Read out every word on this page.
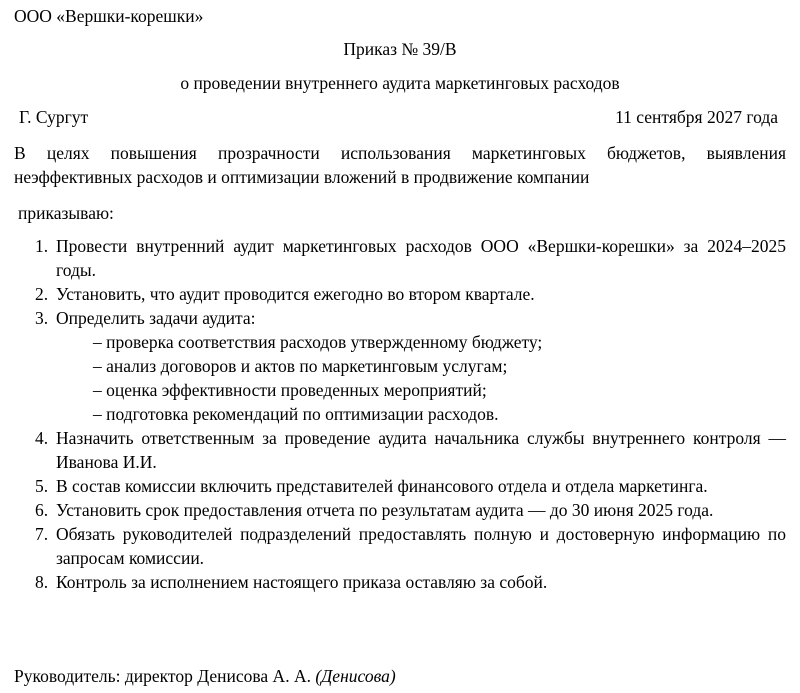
ООО «Вершки-корешки»
Приказ № 39/В
о проведении внутреннего аудита маркетинговых расходов
Г. Сургут	11 сентября 2027 года
В целях повышения прозрачности использования маркетинговых бюджетов, выявления неэффективных расходов и оптимизации вложений в продвижение компании
приказываю:
1. Провести внутренний аудит маркетинговых расходов ООО «Вершки-корешки» за 2024–2025 годы.
2. Установить, что аудит проводится ежегодно во втором квартале.
3. Определить задачи аудита:
– проверка соответствия расходов утвержденному бюджету;
– анализ договоров и актов по маркетинговым услугам;
– оценка эффективности проведенных мероприятий;
– подготовка рекомендаций по оптимизации расходов.
4. Назначить ответственным за проведение аудита начальника службы внутреннего контроля — Иванова И.И.
5. В состав комиссии включить представителей финансового отдела и отдела маркетинга.
6. Установить срок предоставления отчета по результатам аудита — до 30 июня 2025 года.
7. Обязать руководителей подразделений предоставлять полную и достоверную информацию по запросам комиссии.
8. Контроль за исполнением настоящего приказа оставляю за собой.
Руководитель: директор Денисова А. А. (Денисова)
